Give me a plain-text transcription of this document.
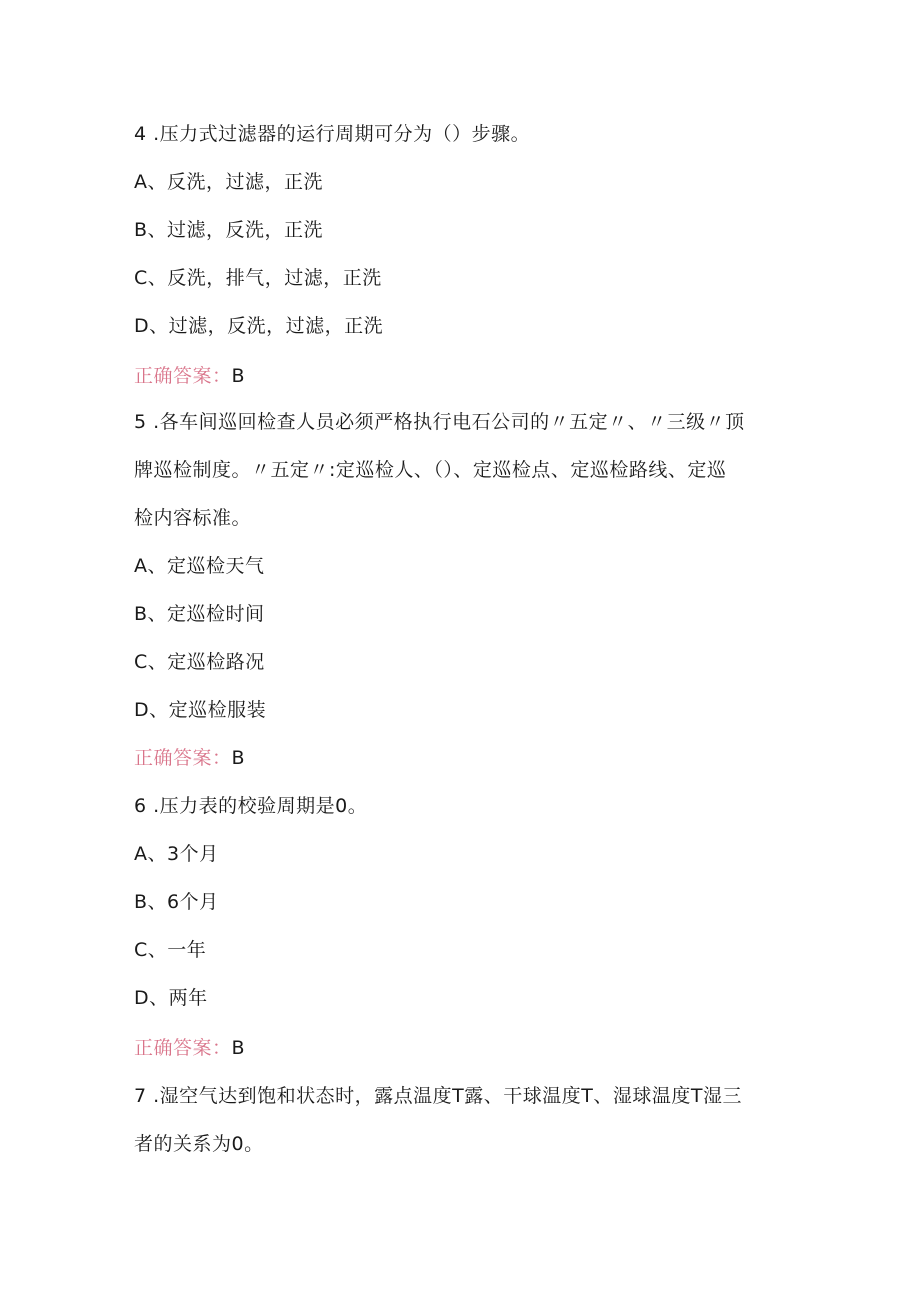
4 .压力式过滤器的运行周期可分为（）步骤。
A、反洗，过滤，正洗
B、过滤，反洗，正洗
C、反洗，排气，过滤，正洗
D、过滤，反洗，过滤，正洗
正确答案：B
5 .各车间巡回检查人员必须严格执行电石公司的〃五定〃、〃三级〃顶
牌巡检制度。〃五定〃:定巡检人、（）、定巡检点、定巡检路线、定巡
检内容标准。
A、定巡检天气
B、定巡检时间
C、定巡检路况
D、定巡检服装
正确答案：B
6 .压力表的校验周期是0。
A、3个月
B、6个月
C、一年
D、两年
正确答案：B
7 .湿空气达到饱和状态时，露点温度T露、干球温度T、湿球温度T湿三
者的关系为0。
